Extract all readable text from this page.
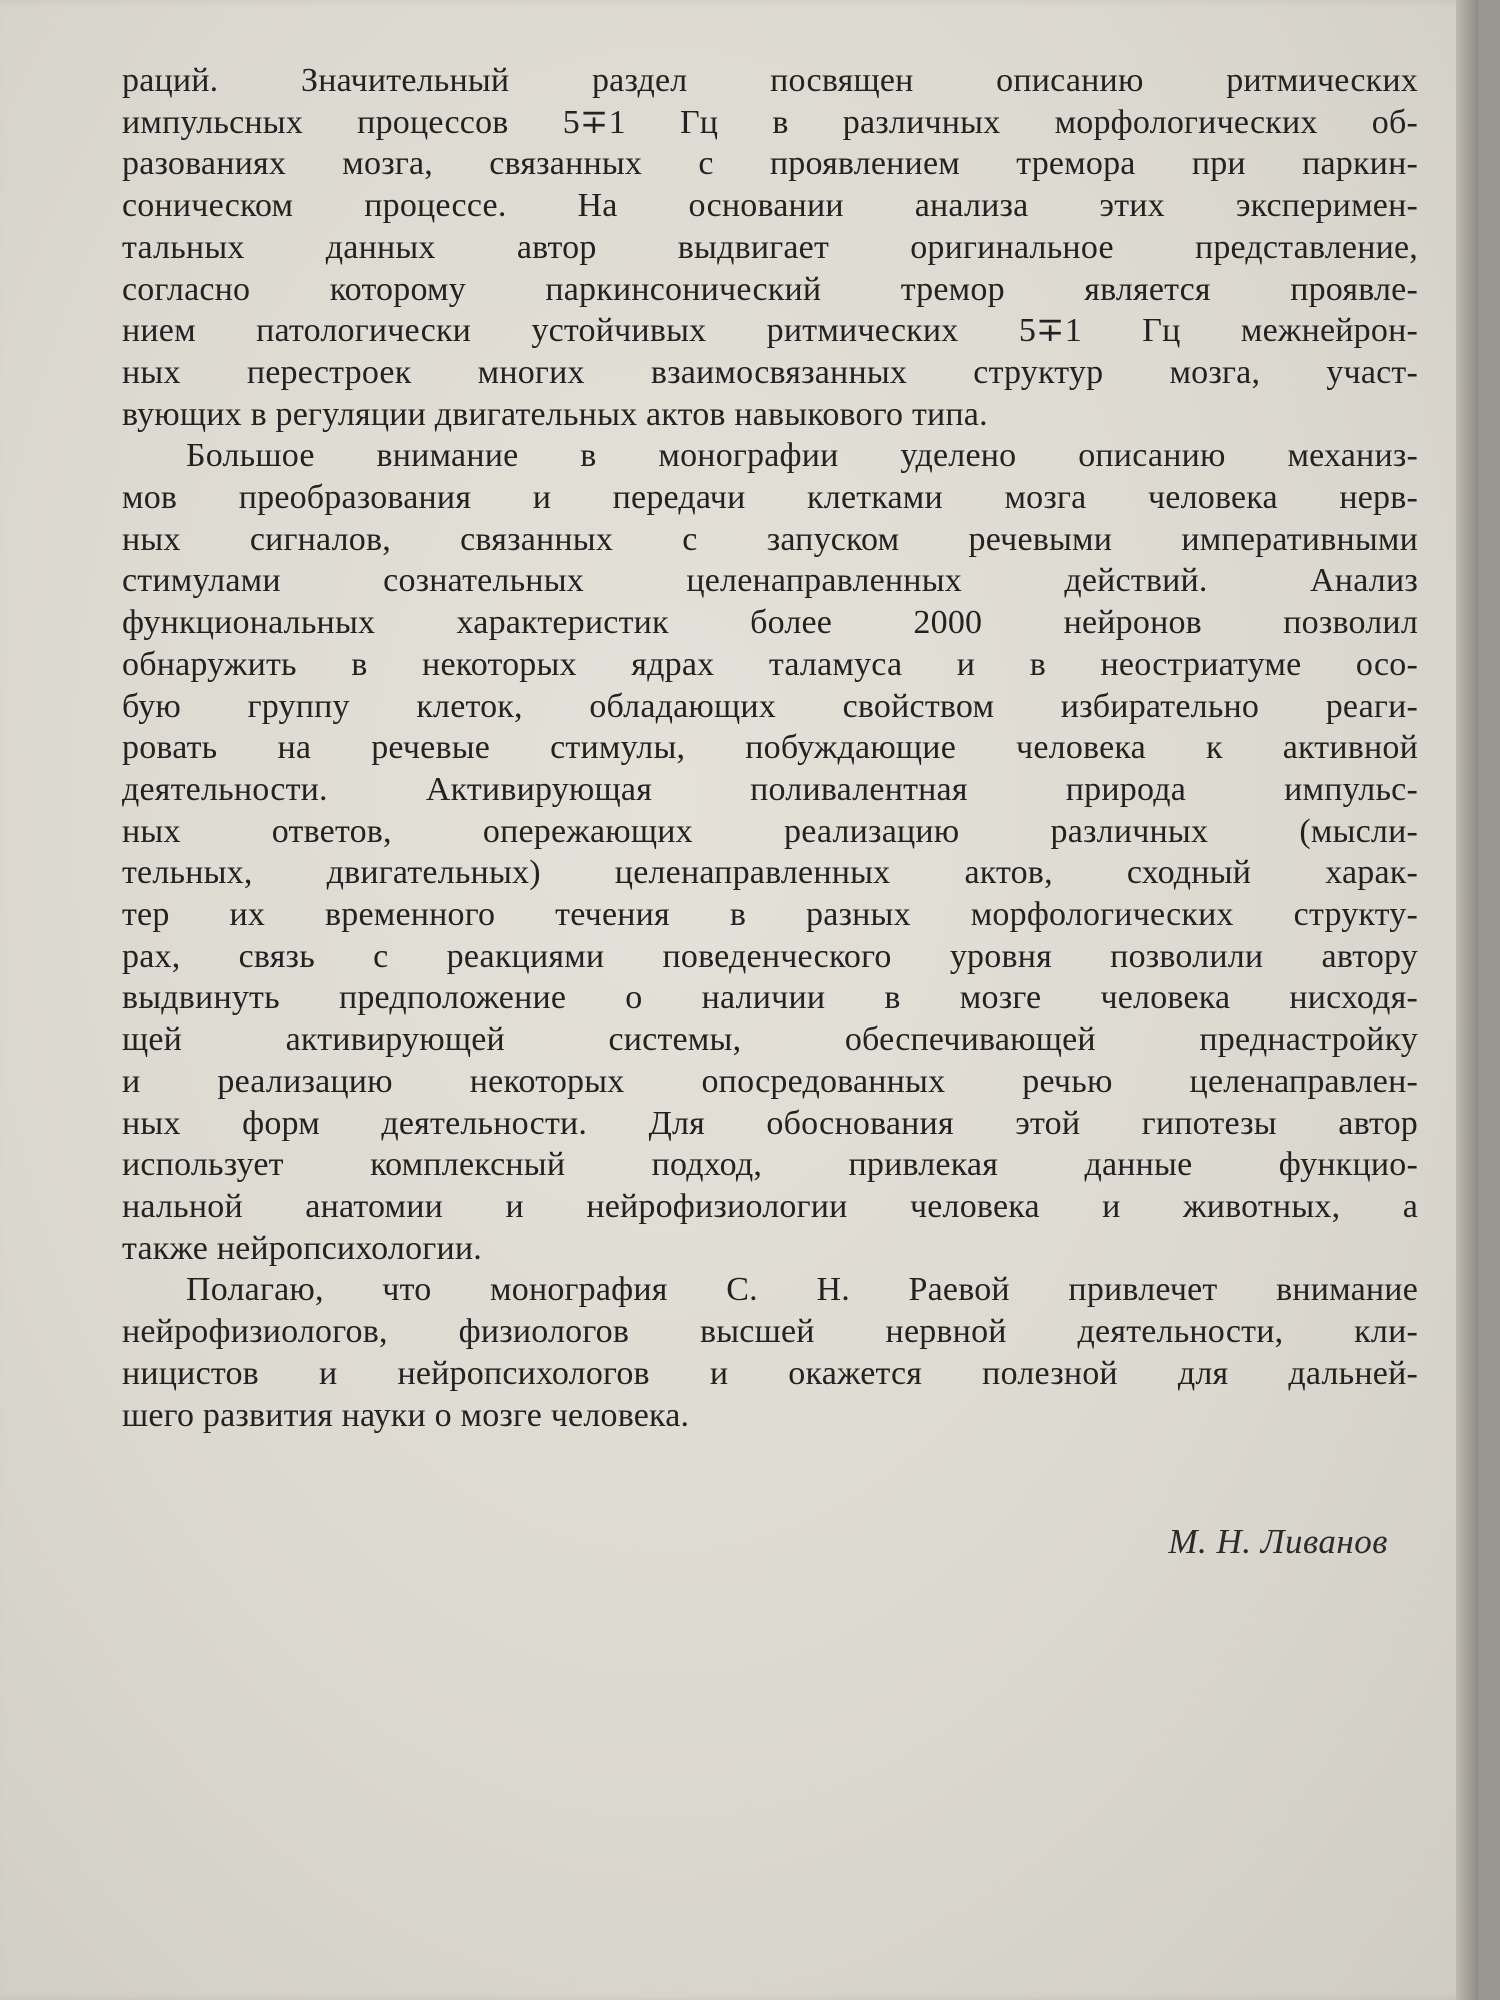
раций. Значительный раздел посвящен описанию ритмических
импульсных процессов 5∓1 Гц в различных морфологических об-
разованиях мозга, связанных с проявлением тремора при паркин-
соническом процессе. На основании анализа этих эксперимен-
тальных данных автор выдвигает оригинальное представление,
согласно которому паркинсонический тремор является проявле-
нием патологически устойчивых ритмических 5∓1 Гц межнейрон-
ных перестроек многих взаимосвязанных структур мозга, участ-
вующих в регуляции двигательных актов навыкового типа.

Большое внимание в монографии уделено описанию механиз-
мов преобразования и передачи клетками мозга человека нерв-
ных сигналов, связанных с запуском речевыми императивными
стимулами сознательных целенаправленных действий. Анализ
функциональных характеристик более 2000 нейронов позволил
обнаружить в некоторых ядрах таламуса и в неостриатуме осо-
бую группу клеток, обладающих свойством избирательно реаги-
ровать на речевые стимулы, побуждающие человека к активной
деятельности. Активирующая поливалентная природа импульс-
ных ответов, опережающих реализацию различных (мысли-
тельных, двигательных) целенаправленных актов, сходный харак-
тер их временного течения в разных морфологических структу-
рах, связь с реакциями поведенческого уровня позволили автору
выдвинуть предположение о наличии в мозге человека нисходя-
щей активирующей системы, обеспечивающей преднастройку
и реализацию некоторых опосредованных речью целенаправлен-
ных форм деятельности. Для обоснования этой гипотезы автор
использует комплексный подход, привлекая данные функцио-
нальной анатомии и нейрофизиологии человека и животных, а
также нейропсихологии.

Полагаю, что монография С. Н. Раевой привлечет внимание
нейрофизиологов, физиологов высшей нервной деятельности, кли-
ницистов и нейропсихологов и окажется полезной для дальней-
шего развития науки о мозге человека.

М. Н. Ливанов
